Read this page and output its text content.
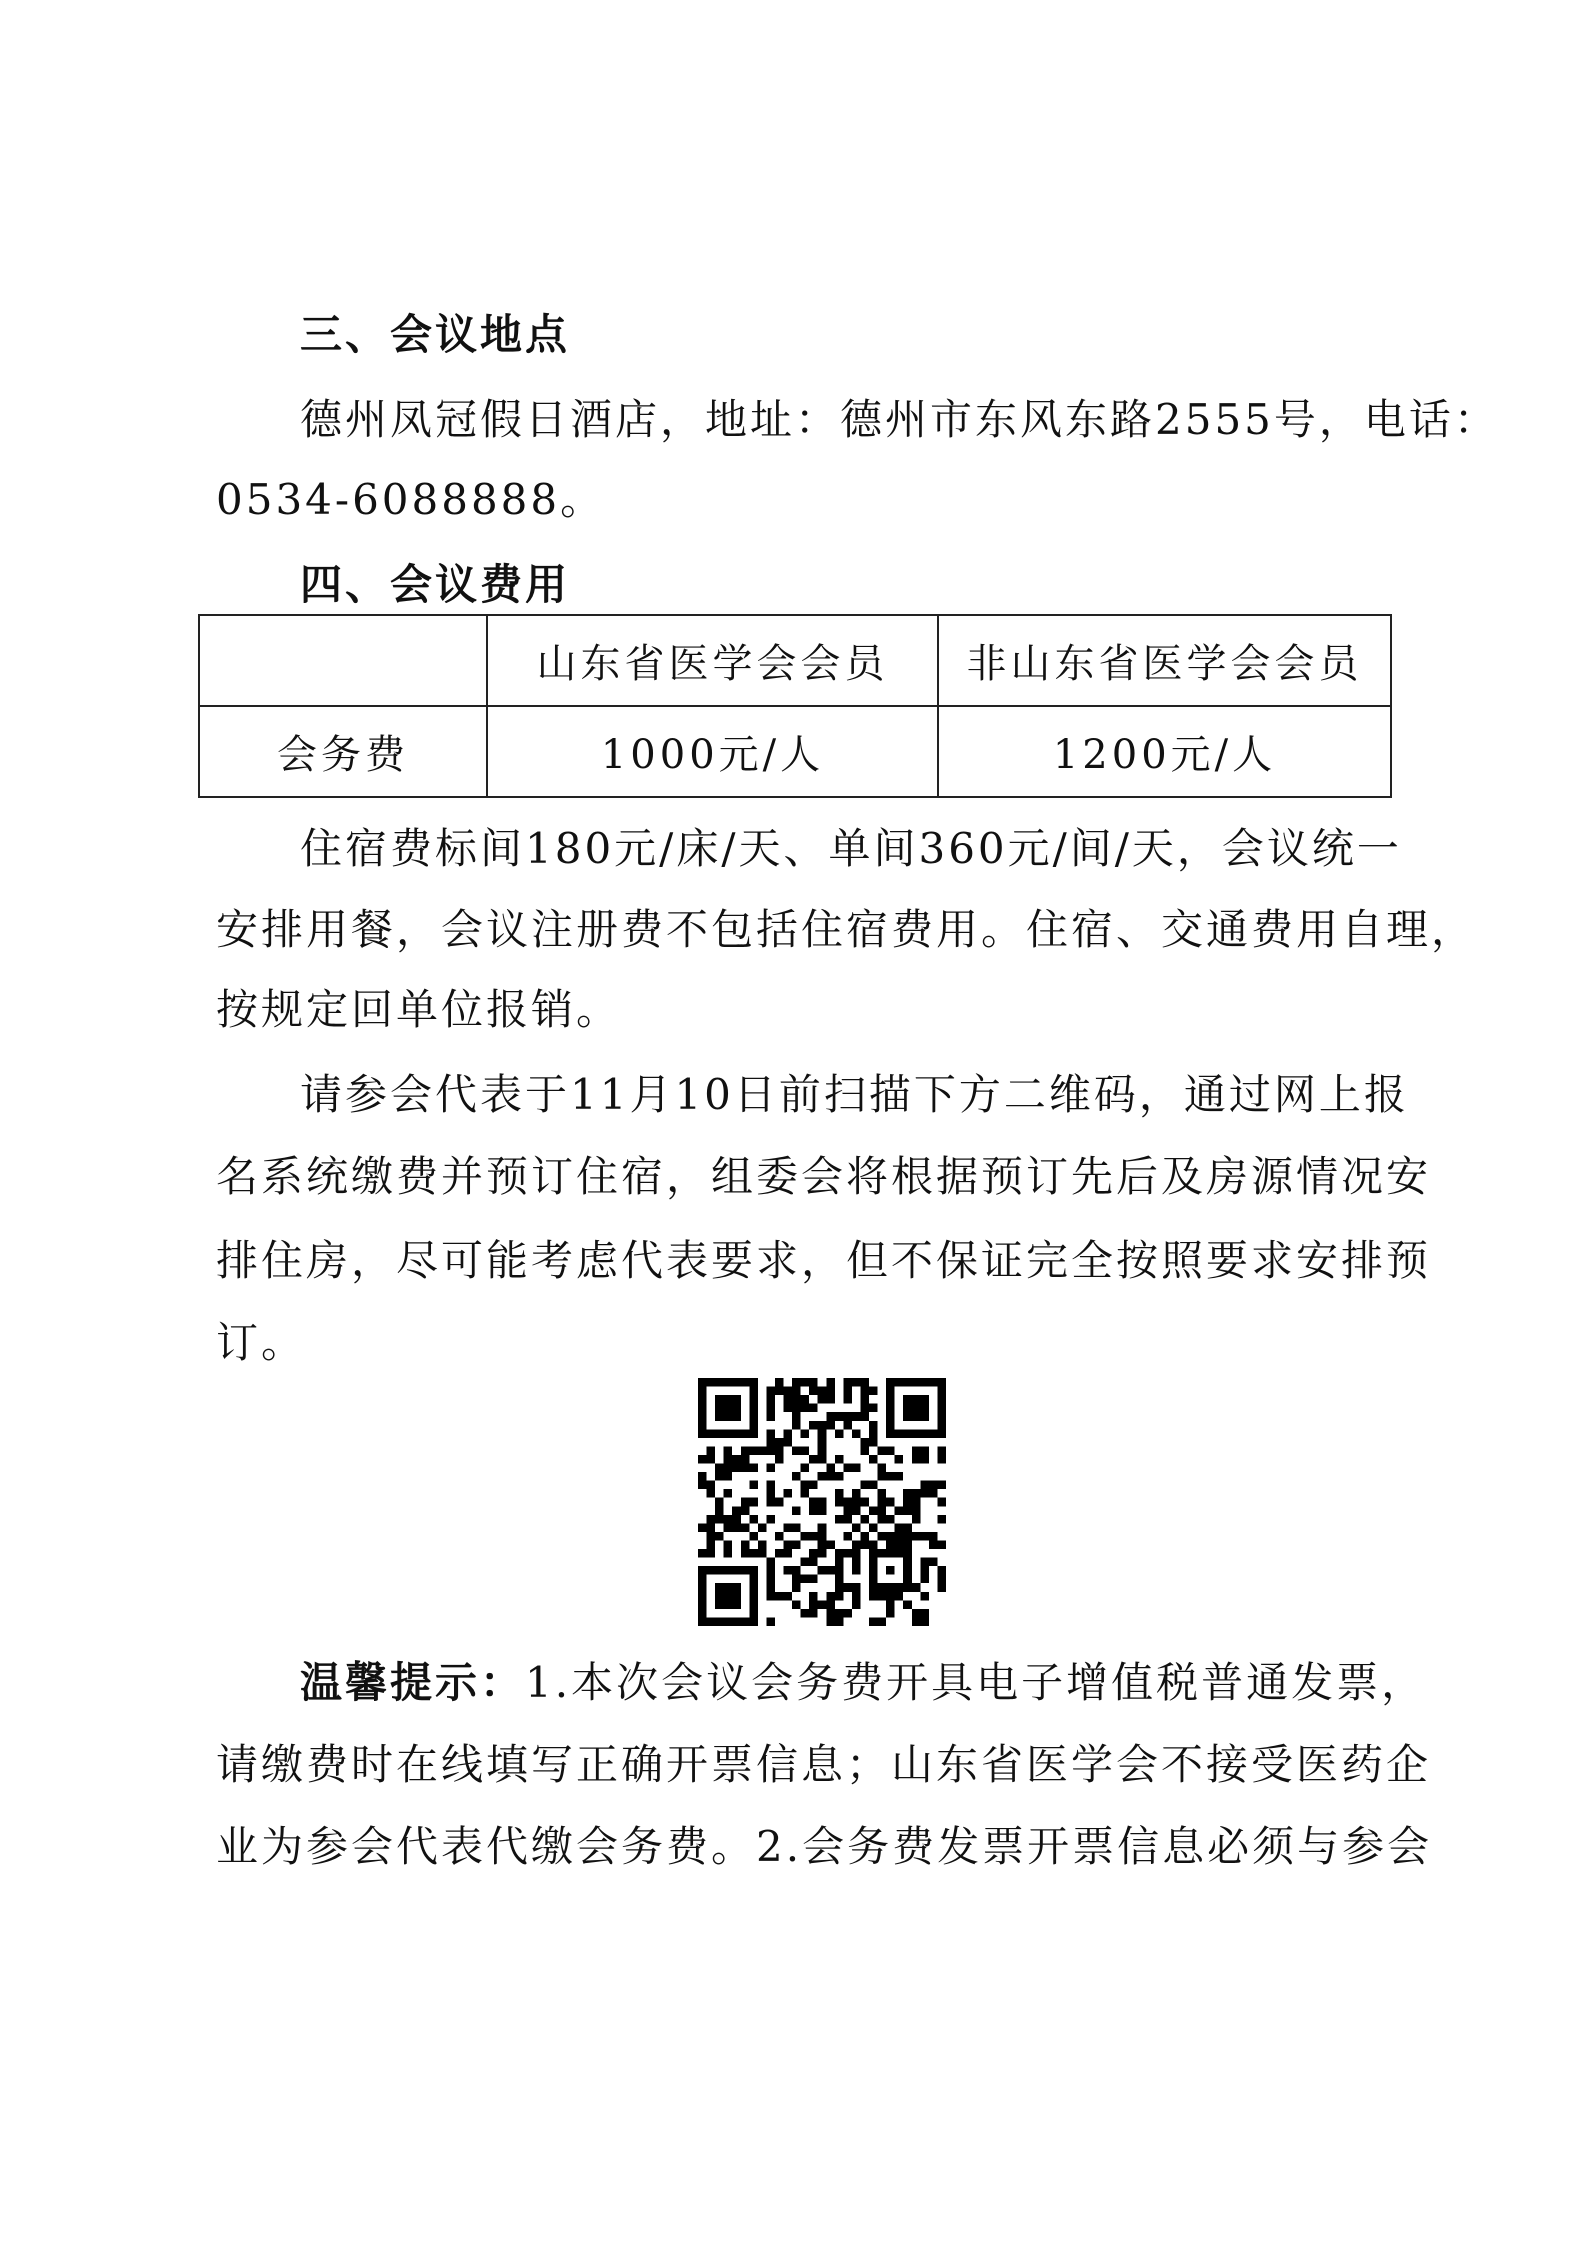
三、会议地点
德州凤冠假日酒店，地址：德州市东风东路2555号，电话：
0534-6088888。
四、会议费用
	山东省医学会会员	非山东省医学会会员
会务费	1000元/人	1200元/人
住宿费标间180元/床/天、单间360元/间/天，会议统一
安排用餐，会议注册费不包括住宿费用。住宿、交通费用自理，
按规定回单位报销。
请参会代表于11月10日前扫描下方二维码，通过网上报
名系统缴费并预订住宿，组委会将根据预订先后及房源情况安
排住房，尽可能考虑代表要求，但不保证完全按照要求安排预
订。
温馨提示：1.本次会议会务费开具电子增值税普通发票，
请缴费时在线填写正确开票信息；山东省医学会不接受医药企
业为参会代表代缴会务费。2.会务费发票开票信息必须与参会
